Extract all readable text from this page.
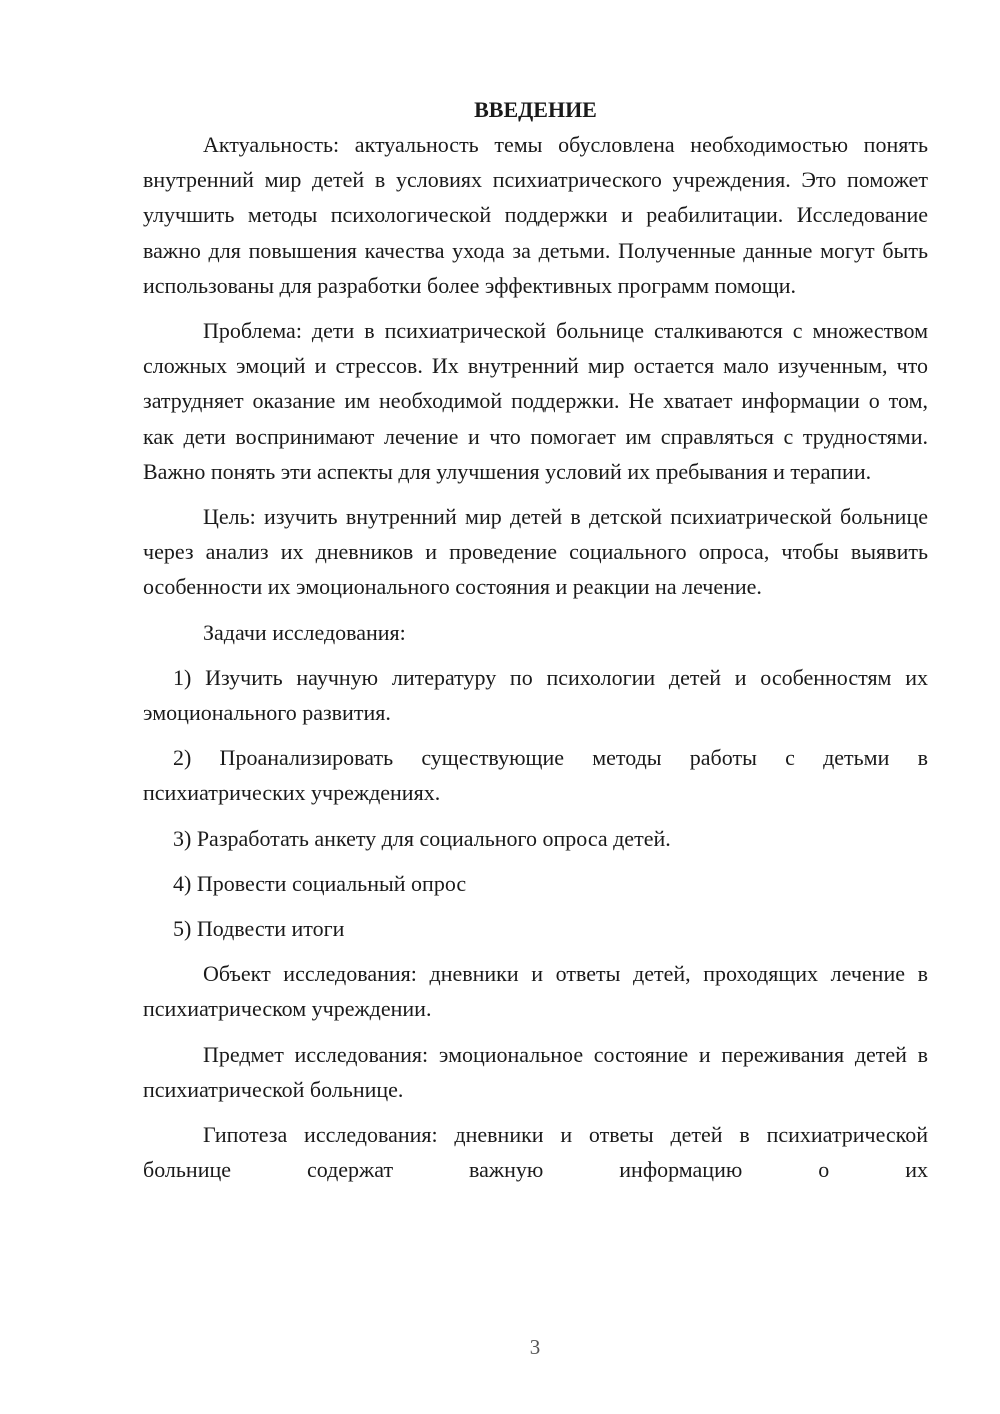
ВВЕДЕНИЕ

Актуальность: актуальность темы обусловлена необходимостью понять внутренний мир детей в условиях психиатрического учреждения. Это поможет улучшить методы психологической поддержки и реабилитации. Исследование важно для повышения качества ухода за детьми. Полученные данные могут быть использованы для разработки более эффективных программ помощи.

Проблема: дети в психиатрической больнице сталкиваются с множеством сложных эмоций и стрессов. Их внутренний мир остается мало изученным, что затрудняет оказание им необходимой поддержки. Не хватает информации о том, как дети воспринимают лечение и что помогает им справляться с трудностями. Важно понять эти аспекты для улучшения условий их пребывания и терапии.

Цель: изучить внутренний мир детей в детской психиатрической больнице через анализ их дневников и проведение социального опроса, чтобы выявить особенности их эмоционального состояния и реакции на лечение.

Задачи исследования:

1) Изучить научную литературу по психологии детей и особенностям их эмоционального развития.

2) Проанализировать существующие методы работы с детьми в психиатрических учреждениях.

3) Разработать анкету для социального опроса детей.

4) Провести социальный опрос

5) Подвести итоги

Объект исследования: дневники и ответы детей, проходящих лечение в психиатрическом учреждении.

Предмет исследования: эмоциональное состояние и переживания детей в психиатрической больнице.

Гипотеза исследования: дневники и ответы детей в психиатрической больнице содержат важную информацию о их

3
